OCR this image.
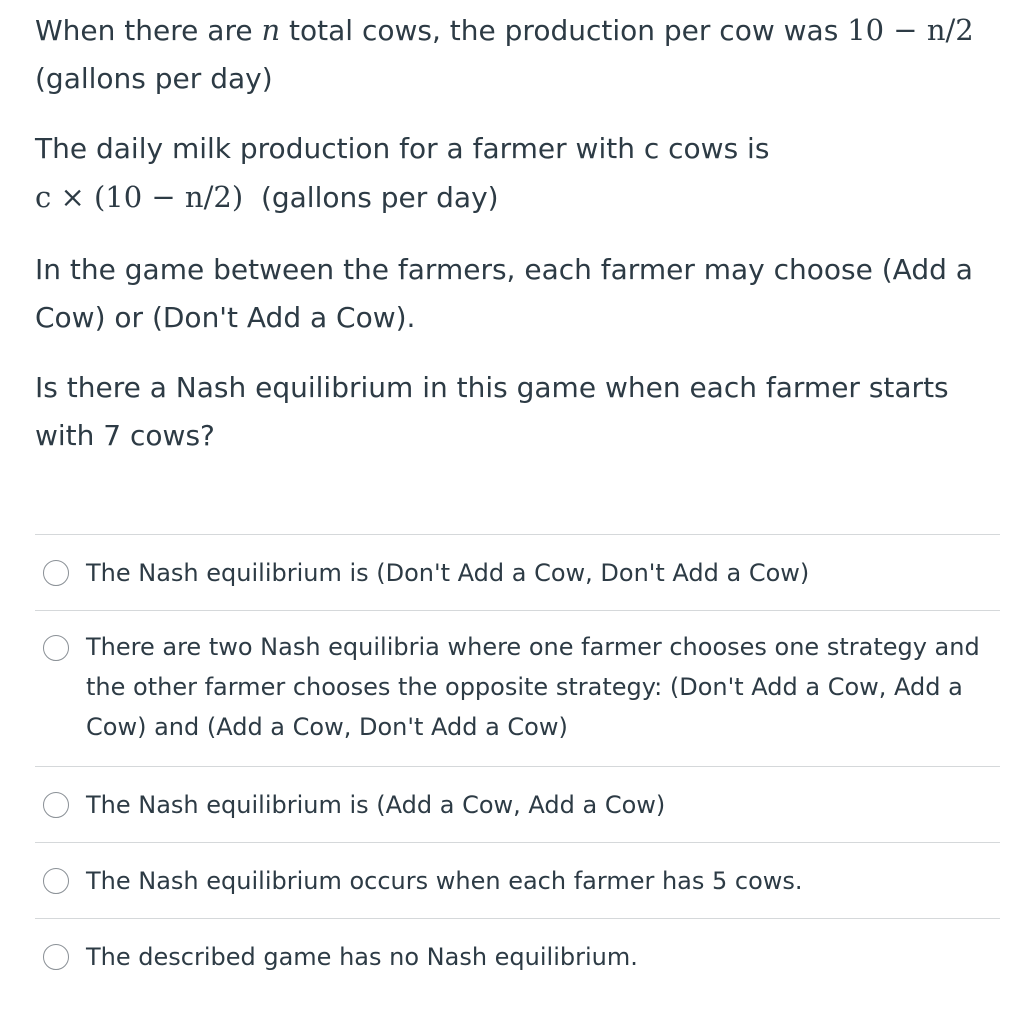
When there are n total cows, the production per cow was 10 − n/2
(gallons per day)

The daily milk production for a farmer with c cows is
c × (10 − n/2) (gallons per day)

In the game between the farmers, each farmer may choose (Add a Cow) or (Don't Add a Cow).

Is there a Nash equilibrium in this game when each farmer starts with 7 cows?

The Nash equilibrium is (Don't Add a Cow, Don't Add a Cow)
There are two Nash equilibria where one farmer chooses one strategy and the other farmer chooses the opposite strategy: (Don't Add a Cow, Add a Cow) and (Add a Cow, Don't Add a Cow)
The Nash equilibrium is (Add a Cow, Add a Cow)
The Nash equilibrium occurs when each farmer has 5 cows.
The described game has no Nash equilibrium.
